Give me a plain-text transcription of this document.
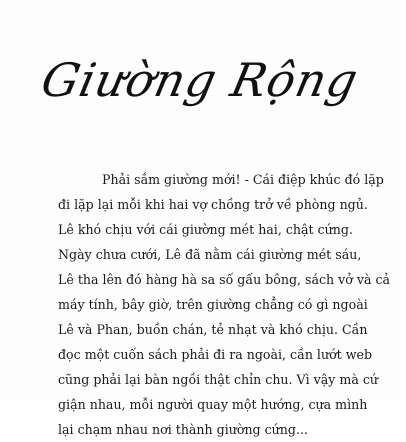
Giường Rộng
Phải sắm giường mới! - Cái điệp khúc đó lặp
đi lặp lại mỗi khi hai vợ chồng trở về phòng ngủ.
Lê khó chịu với cái giường mét hai, chật cứng.
Ngày chưa cưới, Lê đã nằm cái giường mét sáu,
Lê tha lên đó hàng hà sa số gấu bông, sách vở và cả
máy tính, bây giờ, trên giường chẳng có gì ngoài
Lê và Phan, buồn chán, tẻ nhạt và khó chịu. Cần
đọc một cuốn sách phải đi ra ngoài, cần lướt web
cũng phải lại bàn ngồi thật chỉn chu. Vì vậy mà cứ
giận nhau, mỗi người quay một hướng, cựa mình
lại chạm nhau nơi thành giường cứng...
